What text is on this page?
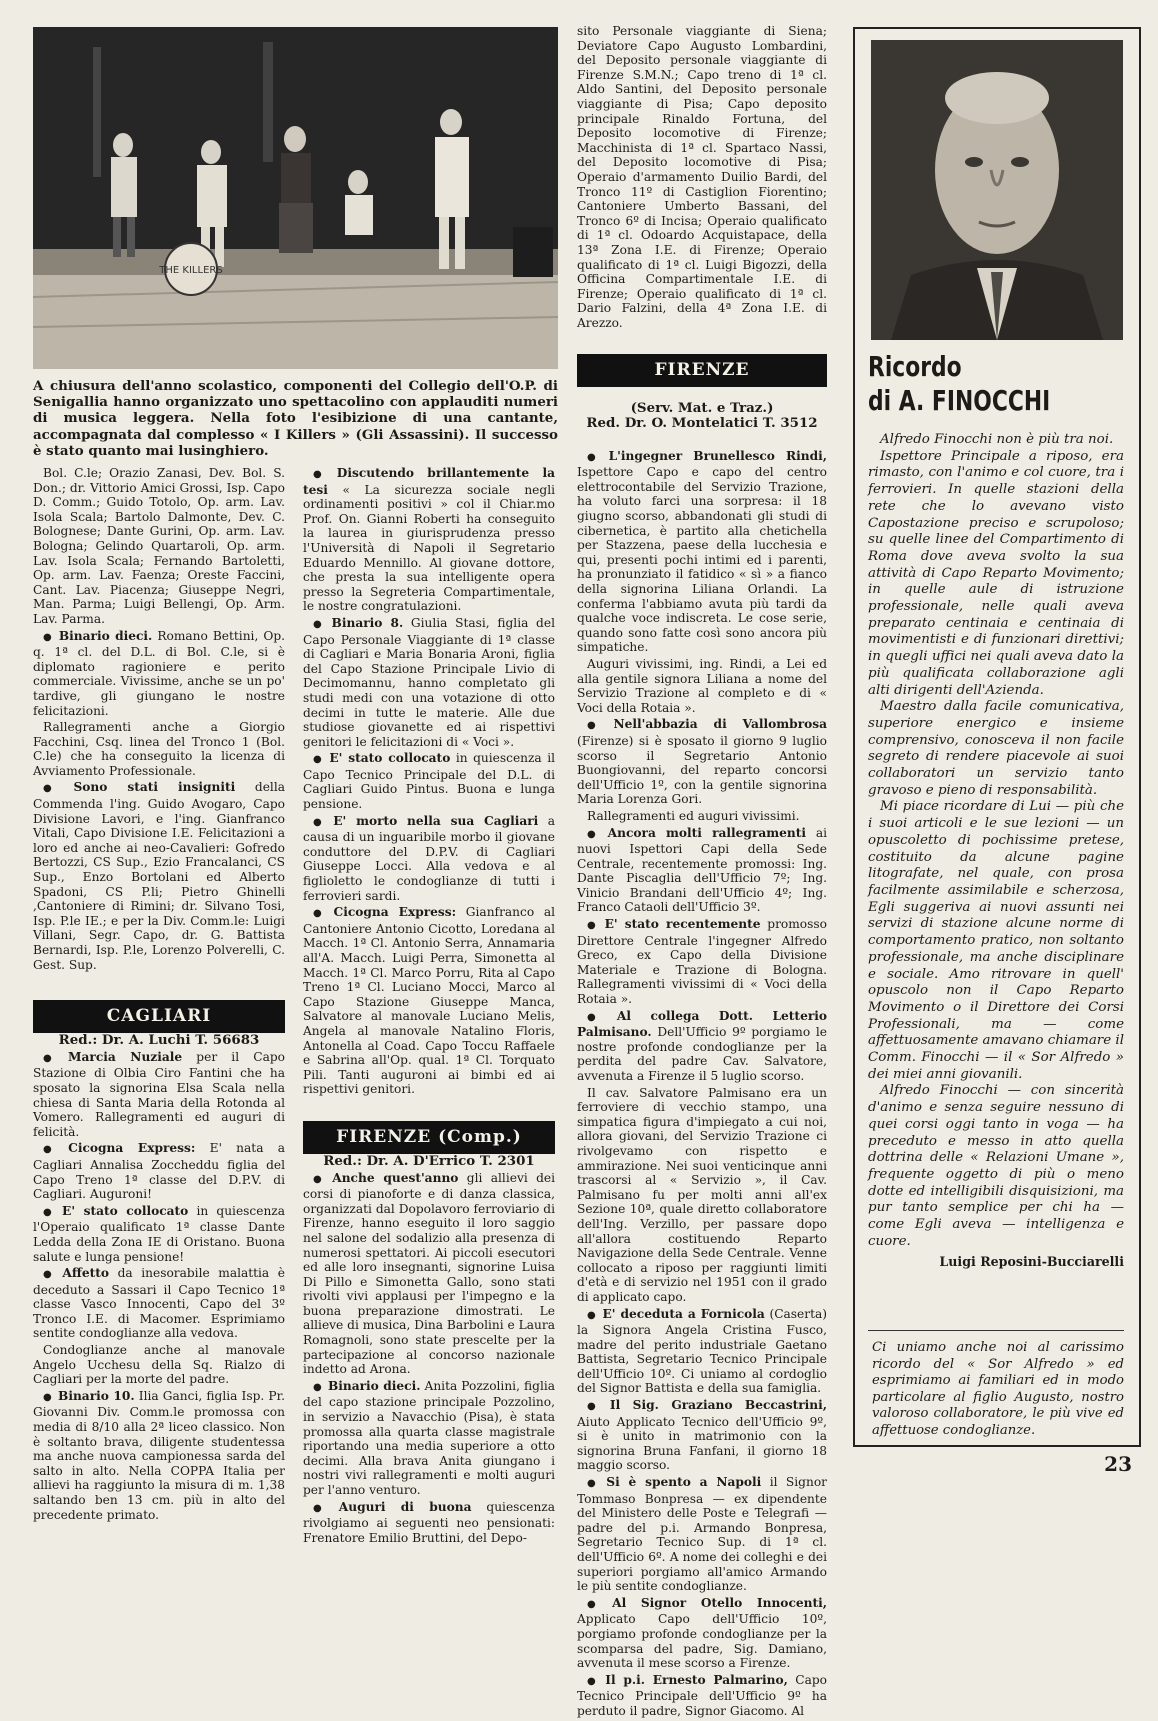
THE KILLERS
A chiusura dell'anno scolastico, componenti del Collegio dell'O.P. di Senigallia hanno organizzato uno spettacolino con applauditi numeri di musica leggera. Nella foto l'esibizione di una cantante, accompagnata dal complesso « I Killers » (Gli Assassini). Il successo è stato quanto mai lusinghiero.

Bol. C.le; Orazio Zanasi, Dev. Bol. S. Don.; dr. Vittorio Amici Grossi, Isp. Capo D. Comm.; Guido Totolo, Op. arm. Lav. Isola Scala; Bartolo Dalmonte, Dev. C. Bolognese; Dante Gurini, Op. arm. Lav. Bologna; Gelindo Quartaroli, Op. arm. Lav. Isola Scala; Fernando Bartoletti, Op. arm. Lav. Faenza; Oreste Faccini, Cant. Lav. Piacenza; Giuseppe Negri, Man. Parma; Luigi Bellengi, Op. Arm. Lav. Parma.

● Binario dieci. Romano Bettini, Op. q. 1ª cl. del D.L. di Bol. C.le, si è diplomato ragioniere e perito commerciale. Vivissime, anche se un po' tardive, gli giungano le nostre felicitazioni.

Rallegramenti anche a Giorgio Facchini, Csq. linea del Tronco 1 (Bol. C.le) che ha conseguito la licenza di Avviamento Professionale.

● Sono stati insigniti della Commenda l'ing. Guido Avogaro, Capo Divisione Lavori, e l'ing. Gianfranco Vitali, Capo Divisione I.E. Felicitazioni a loro ed anche ai neo-Cavalieri: Gofredo Bertozzi, CS Sup., Ezio Francalanci, CS Sup., Enzo Bortolani ed Alberto Spadoni, CS P.li; Pietro Ghinelli ,Cantoniere di Rimini; dr. Silvano Tosi, Isp. P.le IE.; e per la Div. Comm.le: Luigi Villani, Segr. Capo, dr. G. Battista Bernardi, Isp. P.le, Lorenzo Polverelli, C. Gest. Sup.

CAGLIARI

Red.: Dr. A. Luchi T. 56683

● Marcia Nuziale per il Capo Stazione di Olbia Ciro Fantini che ha sposato la signorina Elsa Scala nella chiesa di Santa Maria della Rotonda al Vomero. Rallegramenti ed auguri di felicità.

● Cicogna Express: E' nata a Cagliari Annalisa Zoccheddu figlia del Capo Treno 1ª classe del D.P.V. di Cagliari. Auguroni!

● E' stato collocato in quiescenza l'Operaio qualificato 1ª classe Dante Ledda della Zona IE di Oristano. Buona salute e lunga pensione!

● Affetto da inesorabile malattia è deceduto a Sassari il Capo Tecnico 1ª classe Vasco Innocenti, Capo del 3º Tronco I.E. di Macomer. Esprimiamo sentite condoglianze alla vedova.

Condoglianze anche al manovale Angelo Ucchesu della Sq. Rialzo di Cagliari per la morte del padre.

● Binario 10. Ilia Ganci, figlia Isp. Pr. Giovanni Div. Comm.le promossa con media di 8/10 alla 2ª liceo classico. Non è soltanto brava, diligente studentessa ma anche nuova campionessa sarda del salto in alto. Nella COPPA Italia per allievi ha raggiunto la misura di m. 1,38 saltando ben 13 cm. più in alto del precedente primato.

● Discutendo brillantemente la tesi « La sicurezza sociale negli ordinamenti positivi » col il Chiar.mo Prof. On. Gianni Roberti ha conseguito la laurea in giurisprudenza presso l'Università di Napoli il Segretario Eduardo Mennillo. Al giovane dottore, che presta la sua intelligente opera presso la Segreteria Compartimentale, le nostre congratulazioni.

● Binario 8. Giulia Stasi, figlia del Capo Personale Viaggiante di 1ª classe di Cagliari e Maria Bonaria Aroni, figlia del Capo Stazione Principale Livio di Decimomannu, hanno completato gli studi medi con una votazione di otto decimi in tutte le materie. Alle due studiose giovanette ed ai rispettivi genitori le felicitazioni di « Voci ».

● E' stato collocato in quiescenza il Capo Tecnico Principale del D.L. di Cagliari Guido Pintus. Buona e lunga pensione.

● E' morto nella sua Cagliari a causa di un inguaribile morbo il giovane conduttore del D.P.V. di Cagliari Giuseppe Locci. Alla vedova e al figlioletto le condoglianze di tutti i ferrovieri sardi.

● Cicogna Express: Gianfranco al Cantoniere Antonio Cicotto, Loredana al Macch. 1ª Cl. Antonio Serra, Annamaria all'A. Macch. Luigi Perra, Simonetta al Macch. 1ª Cl. Marco Porru, Rita al Capo Treno 1ª Cl. Luciano Mocci, Marco al Capo Stazione Giuseppe Manca, Salvatore al manovale Luciano Melis, Angela al manovale Natalino Floris, Antonella al Coad. Capo Toccu Raffaele e Sabrina all'Op. qual. 1ª Cl. Torquato Pili. Tanti auguroni ai bimbi ed ai rispettivi genitori.

FIRENZE (Comp.)

Red.: Dr. A. D'Errico T. 2301

● Anche quest'anno gli allievi dei corsi di pianoforte e di danza classica, organizzati dal Dopolavoro ferroviario di Firenze, hanno eseguito il loro saggio nel salone del sodalizio alla presenza di numerosi spettatori. Ai piccoli esecutori ed alle loro insegnanti, signorine Luisa Di Pillo e Simonetta Gallo, sono stati rivolti vivi applausi per l'impegno e la buona preparazione dimostrati. Le allieve di musica, Dina Barbolini e Laura Romagnoli, sono state prescelte per la partecipazione al concorso nazionale indetto ad Arona.

● Binario dieci. Anita Pozzolini, figlia del capo stazione principale Pozzolino, in servizio a Navacchio (Pisa), è stata promossa alla quarta classe magistrale riportando una media superiore a otto decimi. Alla brava Anita giungano i nostri vivi rallegramenti e molti auguri per l'anno venturo.

● Auguri di buona quiescenza rivolgiamo ai seguenti neo pensionati: Frenatore Emilio Bruttini, del Depo-

sito Personale viaggiante di Siena; Deviatore Capo Augusto Lombardini, del Deposito personale viaggiante di Firenze S.M.N.; Capo treno di 1ª cl. Aldo Santini, del Deposito personale viaggiante di Pisa; Capo deposito principale Rinaldo Fortuna, del Deposito locomotive di Firenze; Macchinista di 1ª cl. Spartaco Nassi, del Deposito locomotive di Pisa; Operaio d'armamento Duilio Bardi, del Tronco 11º di Castiglion Fiorentino; Cantoniere Umberto Bassani, del Tronco 6º di Incisa; Operaio qualificato di 1ª cl. Odoardo Acquistapace, della 13ª Zona I.E. di Firenze; Operaio qualificato di 1ª cl. Luigi Bigozzi, della Officina Compartimentale I.E. di Firenze; Operaio qualificato di 1ª cl. Dario Falzini, della 4ª Zona I.E. di Arezzo.

FIRENZE

(Serv. Mat. e Traz.)

Red. Dr. O. Montelatici T. 3512

● L'ingegner Brunellesco Rindi, Ispettore Capo e capo del centro elettrocontabile del Servizio Trazione, ha voluto farci una sorpresa: il 18 giugno scorso, abbandonati gli studi di cibernetica, è partito alla chetichella per Stazzena, paese della lucchesia e qui, presenti pochi intimi ed i parenti, ha pronunziato il fatidico « sì » a fianco della signorina Liliana Orlandi. La conferma l'abbiamo avuta più tardi da qualche voce indiscreta. Le cose serie, quando sono fatte così sono ancora più simpatiche.

Auguri vivissimi, ing. Rindi, a Lei ed alla gentile signora Liliana a nome del Servizio Trazione al completo e di « Voci della Rotaia ».

● Nell'abbazia di Vallombrosa (Firenze) si è sposato il giorno 9 luglio scorso il Segretario Antonio Buongiovanni, del reparto concorsi dell'Ufficio 1º, con la gentile signorina Maria Lorenza Gori.

Rallegramenti ed auguri vivissimi.

● Ancora molti rallegramenti ai nuovi Ispettori Capi della Sede Centrale, recentemente promossi: Ing. Dante Piscaglia dell'Ufficio 7º; Ing. Vinicio Brandani dell'Ufficio 4º; Ing. Franco Cataoli dell'Ufficio 3º.

● E' stato recentemente promosso Direttore Centrale l'ingegner Alfredo Greco, ex Capo della Divisione Materiale e Trazione di Bologna. Rallegramenti vivissimi di « Voci della Rotaia ».

● Al collega Dott. Letterio Palmisano. Dell'Ufficio 9º porgiamo le nostre profonde condoglianze per la perdita del padre Cav. Salvatore, avvenuta a Firenze il 5 luglio scorso.

Il cav. Salvatore Palmisano era un ferroviere di vecchio stampo, una simpatica figura d'impiegato a cui noi, allora giovani, del Servizio Trazione ci rivolgevamo con rispetto e ammirazione. Nei suoi venticinque anni trascorsi al « Servizio », il Cav. Palmisano fu per molti anni all'ex Sezione 10ª, quale diretto collaboratore dell'Ing. Verzillo, per passare dopo all'allora costituendo Reparto Navigazione della Sede Centrale. Venne collocato a riposo per raggiunti limiti d'età e di servizio nel 1951 con il grado di applicato capo.

● E' deceduta a Fornicola (Caserta) la Signora Angela Cristina Fusco, madre del perito industriale Gaetano Battista, Segretario Tecnico Principale dell'Ufficio 10º. Ci uniamo al cordoglio del Signor Battista e della sua famiglia.

● Il Sig. Graziano Beccastrini, Aiuto Applicato Tecnico dell'Ufficio 9º, si è unito in matrimonio con la signorina Bruna Fanfani, il giorno 18 maggio scorso.

● Si è spento a Napoli il Signor Tommaso Bonpresa — ex dipendente del Ministero delle Poste e Telegrafi — padre del p.i. Armando Bonpresa, Segretario Tecnico Sup. di 1ª cl. dell'Ufficio 6º. A nome dei colleghi e dei superiori porgiamo all'amico Armando le più sentite condoglianze.

● Al Signor Otello Innocenti, Applicato Capo dell'Ufficio 10º, porgiamo profonde condoglianze per la scomparsa del padre, Sig. Damiano, avvenuta il mese scorso a Firenze.

● Il p.i. Ernesto Palmarino, Capo Tecnico Principale dell'Ufficio 9º ha perduto il padre, Signor Giacomo. Al

Ricordo
di A. FINOCCHI

Alfredo Finocchi non è più tra noi.

Ispettore Principale a riposo, era rimasto, con l'animo e col cuore, tra i ferrovieri. In quelle stazioni della rete che lo avevano visto Capostazione preciso e scrupoloso; su quelle linee del Compartimento di Roma dove aveva svolto la sua attività di Capo Reparto Movimento; in quelle aule di istruzione professionale, nelle quali aveva preparato centinaia e centinaia di movimentisti e di funzionari direttivi; in quegli uffici nei quali aveva dato la più qualificata collaborazione agli alti dirigenti dell'Azienda.

Maestro dalla facile comunicativa, superiore energico e insieme comprensivo, conosceva il non facile segreto di rendere piacevole ai suoi collaboratori un servizio tanto gravoso e pieno di responsabilità.

Mi piace ricordare di Lui — più che i suoi articoli e le sue lezioni — un opuscoletto di pochissime pretese, costituito da alcune pagine litografate, nel quale, con prosa facilmente assimilabile e scherzosa, Egli suggeriva ai nuovi assunti nei servizi di stazione alcune norme di comportamento pratico, non soltanto professionale, ma anche disciplinare e sociale. Amo ritrovare in quell' opuscolo non il Capo Reparto Movimento o il Direttore dei Corsi Professionali, ma — come affettuosamente amavano chiamare il Comm. Finocchi — il « Sor Alfredo » dei miei anni giovanili.

Alfredo Finocchi — con sincerità d'animo e senza seguire nessuno di quei corsi oggi tanto in voga — ha preceduto e messo in atto quella dottrina delle « Relazioni Umane », frequente oggetto di più o meno dotte ed intelligibili disquisizioni, ma pur tanto semplice per chi ha — come Egli aveva — intelligenza e cuore.

Luigi Reposini-Bucciarelli

Ci uniamo anche noi al carissimo ricordo del « Sor Alfredo » ed esprimiamo ai familiari ed in modo particolare al figlio Augusto, nostro valoroso collaboratore, le più vive ed affettuose condoglianze.
23
